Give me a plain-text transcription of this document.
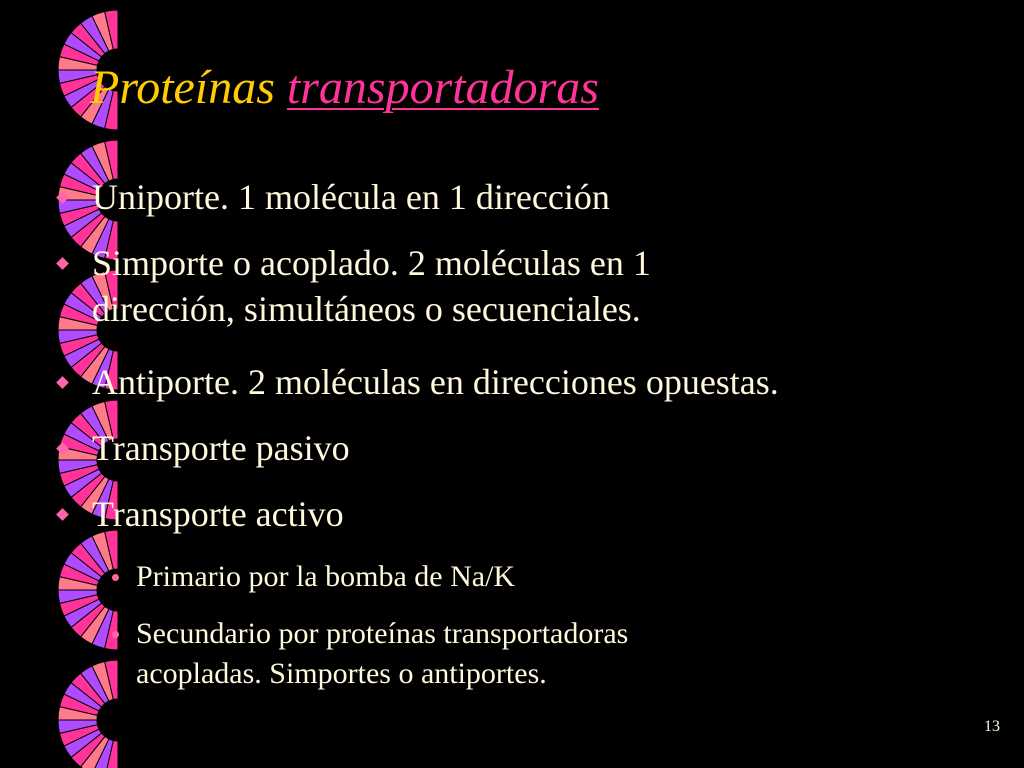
Proteínas transportadoras
Uniporte. 1 molécula en 1 dirección
Simporte o acoplado. 2 moléculas en 1
dirección, simultáneos o secuenciales.
Antiporte. 2 moléculas en direcciones opuestas.
Transporte pasivo
Transporte activo
Primario por la bomba de Na/K
Secundario por proteínas transportadoras
acopladas. Simportes o antiportes.
13
